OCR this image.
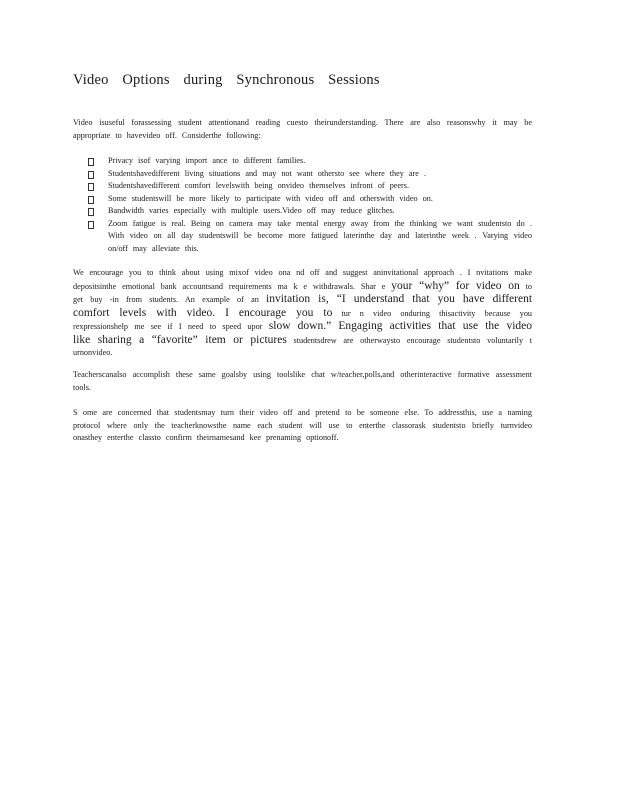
Video Options during Synchronous Sessions
Video isuseful forassessing student attentionand reading cuesto theirunderstanding. There are also reasonswhy it may be appropriate to havevideo off. Considerthe following:
Privacy isof varying import ance to different families.
Studentshavedifferent living situations and may not want othersto see where they are .
Studentshavedifferent comfort levelswith being onvideo themselves infront of peers.
Some studentswill be more likely to participate with video off and otherswith video on.
Bandwidth varies especially with multiple users.Video off may reduce glitches.
Zoom fatigue is real. Being on camera may take mental energy away from the thinking we want studentsto do . With video on all day studentswill be become more fatigued laterinthe day and laterinthe week . Varying video on/off may alleviate this.
We encourage you to think about using mixof video ona nd off and suggest aninvitational approach . I nvitations make depositsinthe emotional bank accountsand requirements ma k e withdrawals. Shar e your “why” for video on to get buy -in from students. An example of an invitation is, “I understand that you have different comfort levels with video. I encourage you to tur n video onduring thisactivity because you rexpressionshelp me see if I need to speed upor slow down.” Engaging activities that use the video like sharing a “favorite” item or pictures studentsdrew are otherwaysto encourage studentsto voluntarily t urnonvideo.
Teacherscanalso accomplish these same goalsby using toolslike chat w/teacher,polls,and otherinteractive formative assessment tools.
S ome are concerned that studentsmay turn their video off and pretend to be someone else. To addressthis, use a naming protocol where only the teacherknowsthe name each student will use to enterthe classorask studentsto briefly turnvideo onasthey enterthe classto confirm theirnamesand kee prenaming optionoff.
